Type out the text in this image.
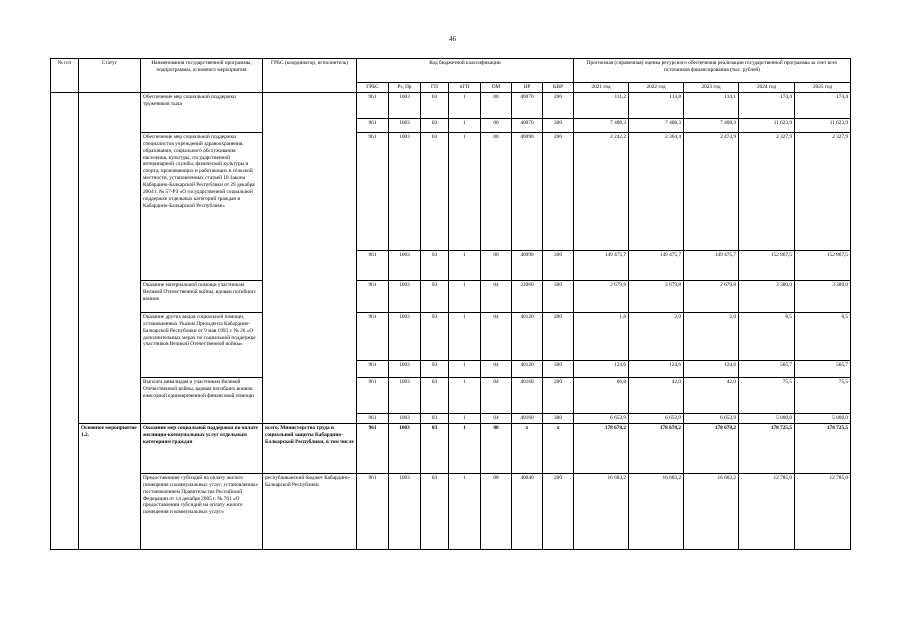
46
№ п/п	Статус	Наименования государственной программы, подпрограммы, основного мероприятия	ГРБС (координатор, исполнитель)	Код бюджетной классификации							Прогнозная (справочная) оценка ресурсного обеспечения реализации государственной программы за счет всех источников финансирования (тыс. рублей)				
				ГРБС	Рз, Пр	ГП	пГП	ОМ	НР	КВР	2021 год	2022 год	2023 год	2024 год	2025 год
		Обеспечение мер социальной поддержки тружеников тыла		961	1003	03	1	00	40070	200	111,2	113,8	114,1	174,4	174,4
				961	1003	03	1	00	40070	300	7 408,3	7 408,3	7 408,3	11 623,9	11 623,9
		Обеспечение мер социальной поддержки специалистов учреждений здравоохранения, образования, социального обслуживания населения, культуры, государственной ветеринарной службы, физической культуры и спорта, проживающих и работающих в сельской местности, установленных статьей 10 Закона Кабардино-Балкарской Республики от 29 декабря 2004 г. № 57-РЗ «О государственной социальной поддержке отдельных категорий граждан в Кабардино-Балкарской Республике»		961	1003	03	1	00	40090	200	2 242,2	2 364,4	2 474,9	2 327,9	2 327,9
				961	1003	03	1	00	40090	300	149 475,7	149 475,7	149 475,7	152 867,5	152 867,5
		Оказание материальной помощи участникам Великой Отечественной войны, вдовам погибших воинов		961	1003	03	1	04	22060	300	2 679,8	2 679,8	2 679,8	3 300,0	3 300,0
		Оказание других видов социальной помощи, установленных Указом Президента Кабардино-Балкарской Республики от 9 мая 1993 г. № 26 «О дополнительных мерах по социальной поддержке участников Великой Отечественной войны»		961	1003	03	1	04	40120	200	1,8	2,0	2,0	8,5	8,5
				961	1003	03	1	04	40120	300	124,6	124,6	124,6	565,7	565,7
		Выплата инвалидам и участникам Великой Отечественной войны, вдовам погибших воинов ежегодной единовременной финансовой помощи		961	1003	03	1	04	40160	200	66,8	42,0	42,0	75,5	75,5
				961	1003	03	1	04	40160	300	6 653,9	6 653,9	6 653,9	5 000,0	5 000,0
	Основное мероприятие 1.2.	Оказание мер социальной поддержки по оплате жилищно-коммунальных услуг отдельным категориям граждан	всего, Министерство труда и социальной защиты Кабардино-Балкарской Республики, в том числе	961	1003	03	1	08	х	х	178 678,2	178 678,2	178 678,2	178 725,5	178 725,5
		Предоставление субсидий на оплату жилого помещения и коммунальных услуг, установленных постановлением Правительства Российской Федерации от 14 декабря 2005 г. № 761 «О предоставлении субсидий на оплату жилого помещения и коммунальных услуг»	республиканский бюджет Кабардино-Балкарской Республики	961	1003	03	1	08	40040	200	16 603,2	16 603,2	16 603,2	12 785,0	12 785,0
